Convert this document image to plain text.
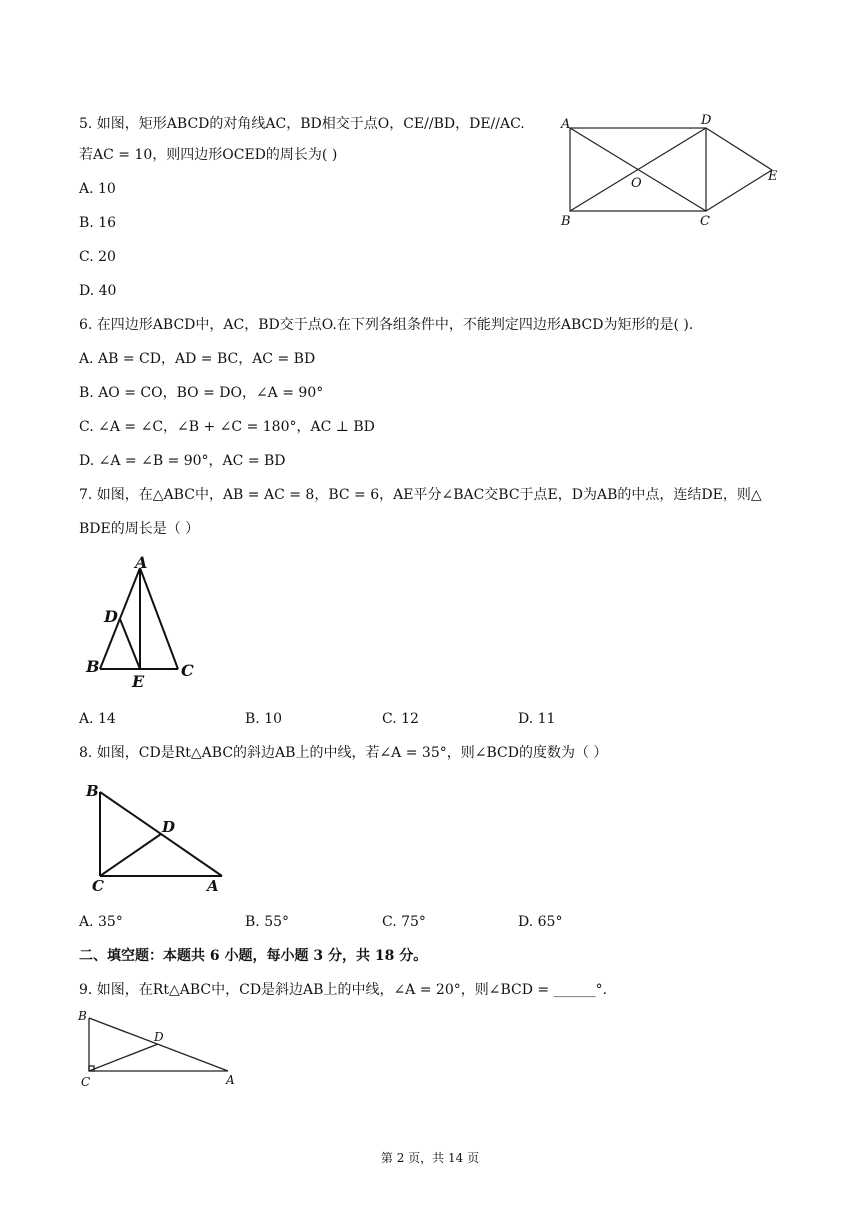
5. 如图，矩形ABCD的对角线AC，BD相交于点O，CE//BD，DE//AC.
若AC = 10，则四边形OCED的周长为( )
A. 10
B. 16
C. 20
D. 40
A	D
B	C
O	E
6. 在四边形ABCD中，AC，BD交于点O.在下列各组条件中，不能判定四边形ABCD为矩形的是( ).
A. AB = CD，AD = BC，AC = BD
B. AO = CO，BO = DO，∠A = 90°
C. ∠A = ∠C，∠B + ∠C = 180°，AC ⊥ BD
D. ∠A = ∠B = 90°，AC = BD
7. 如图，在△ABC中，AB = AC = 8，BC = 6，AE平分∠BAC交BC于点E，D为AB的中点，连结DE，则△
BDE的周长是（ ）
A
D
B
E
C
A. 14	B. 10	C. 12	D. 11
8. 如图，CD是Rt△ABC的斜边AB上的中线，若∠A = 35°，则∠BCD的度数为（ ）
B
D
C	A
A. 35°	B. 55°	C. 75°	D. 65°
二、填空题：本题共 6 小题，每小题 3 分，共 18 分。
9. 如图，在Rt△ABC中，CD是斜边AB上的中线，∠A = 20°，则∠BCD = ______°.
B
D
C	A
第 2 页，共 14 页
